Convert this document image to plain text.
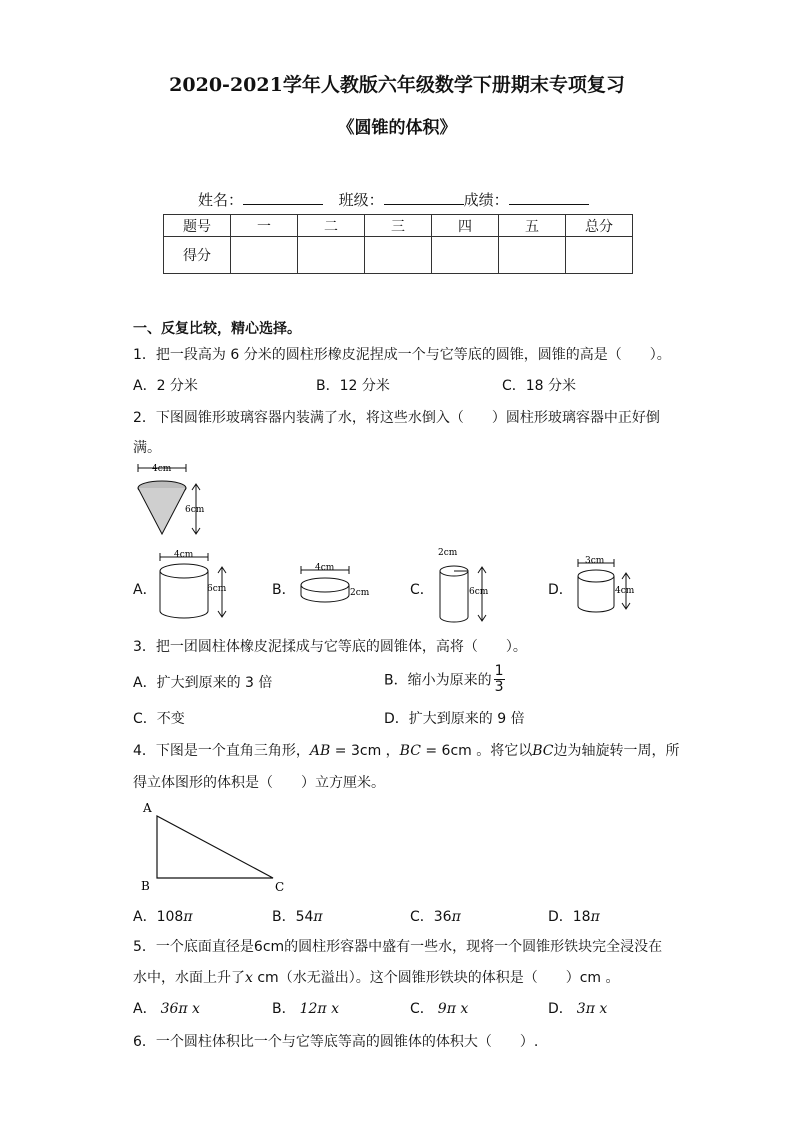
2020-2021学年人教版六年级数学下册期末专项复习
《圆锥的体积》
姓名：	班级：	成绩：
题号	一	二	三	四	五	总分
得分						
一、反复比较，精心选择。
1．把一段高为 6 分米的圆柱形橡皮泥捏成一个与它等底的圆锥，圆锥的高是（　　）。
A．2 分米	B．12 分米	C．18 分米
2．下图圆锥形玻璃容器内装满了水，将这些水倒入（　　）圆柱形玻璃容器中正好倒
满。
4cm
6cm
A．
4cm
6cm	B．
4cm
2cm	C．
2cm
6cm	D．
3cm
4cm
3．把一团圆柱体橡皮泥揉成与它等底的圆锥体，高将（　　）。
A．扩大到原来的 3 倍	B．缩小为原来的 $\frac{1}{3}$
C．不变	D．扩大到原来的 9 倍
4．下图是一个直角三角形，AB = 3cm ，BC = 6cm 。将它以BC边为轴旋转一周，所
得立体图形的体积是（　　）立方厘米。
A
B	C
A．108π	B．54π	C．36π	D．18π
5．一个底面直径是6cm的圆柱形容器中盛有一些水，现将一个圆锥形铁块完全浸没在
水中，水面上升了x cm（水无溢出）。这个圆锥形铁块的体积是（　　）cm 。
A． 36π x	B． 12π x	C． 9π x	D． 3π x
6．一个圆柱体积比一个与它等底等高的圆锥体的体积大（　　）.
